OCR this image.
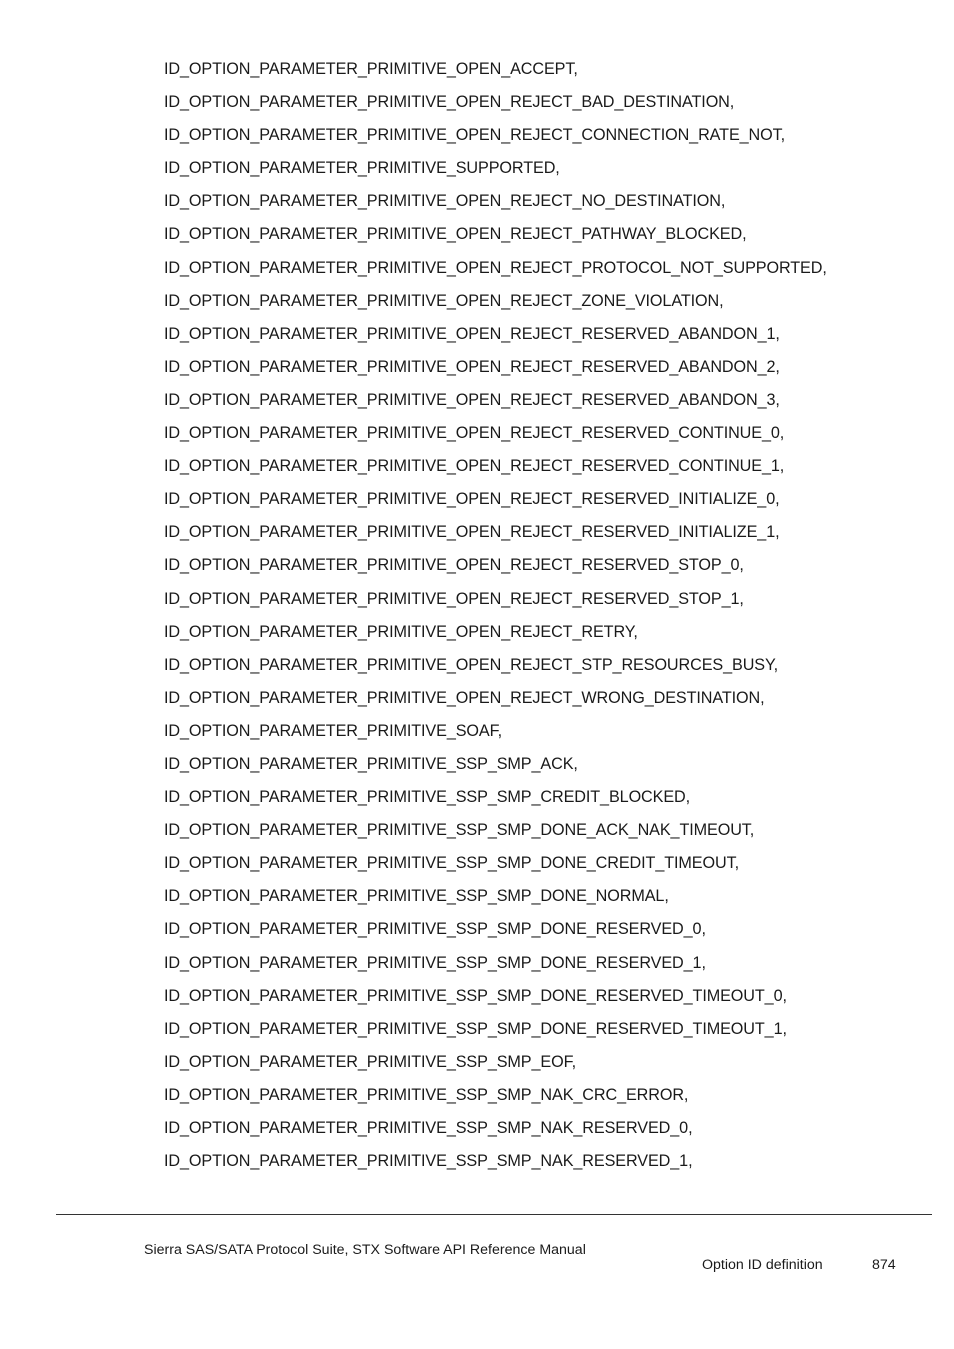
ID_OPTION_PARAMETER_PRIMITIVE_OPEN_ACCEPT,
ID_OPTION_PARAMETER_PRIMITIVE_OPEN_REJECT_BAD_DESTINATION,
ID_OPTION_PARAMETER_PRIMITIVE_OPEN_REJECT_CONNECTION_RATE_NOT,
ID_OPTION_PARAMETER_PRIMITIVE_SUPPORTED,
ID_OPTION_PARAMETER_PRIMITIVE_OPEN_REJECT_NO_DESTINATION,
ID_OPTION_PARAMETER_PRIMITIVE_OPEN_REJECT_PATHWAY_BLOCKED,
ID_OPTION_PARAMETER_PRIMITIVE_OPEN_REJECT_PROTOCOL_NOT_SUPPORTED,
ID_OPTION_PARAMETER_PRIMITIVE_OPEN_REJECT_ZONE_VIOLATION,
ID_OPTION_PARAMETER_PRIMITIVE_OPEN_REJECT_RESERVED_ABANDON_1,
ID_OPTION_PARAMETER_PRIMITIVE_OPEN_REJECT_RESERVED_ABANDON_2,
ID_OPTION_PARAMETER_PRIMITIVE_OPEN_REJECT_RESERVED_ABANDON_3,
ID_OPTION_PARAMETER_PRIMITIVE_OPEN_REJECT_RESERVED_CONTINUE_0,
ID_OPTION_PARAMETER_PRIMITIVE_OPEN_REJECT_RESERVED_CONTINUE_1,
ID_OPTION_PARAMETER_PRIMITIVE_OPEN_REJECT_RESERVED_INITIALIZE_0,
ID_OPTION_PARAMETER_PRIMITIVE_OPEN_REJECT_RESERVED_INITIALIZE_1,
ID_OPTION_PARAMETER_PRIMITIVE_OPEN_REJECT_RESERVED_STOP_0,
ID_OPTION_PARAMETER_PRIMITIVE_OPEN_REJECT_RESERVED_STOP_1,
ID_OPTION_PARAMETER_PRIMITIVE_OPEN_REJECT_RETRY,
ID_OPTION_PARAMETER_PRIMITIVE_OPEN_REJECT_STP_RESOURCES_BUSY,
ID_OPTION_PARAMETER_PRIMITIVE_OPEN_REJECT_WRONG_DESTINATION,
ID_OPTION_PARAMETER_PRIMITIVE_SOAF,
ID_OPTION_PARAMETER_PRIMITIVE_SSP_SMP_ACK,
ID_OPTION_PARAMETER_PRIMITIVE_SSP_SMP_CREDIT_BLOCKED,
ID_OPTION_PARAMETER_PRIMITIVE_SSP_SMP_DONE_ACK_NAK_TIMEOUT,
ID_OPTION_PARAMETER_PRIMITIVE_SSP_SMP_DONE_CREDIT_TIMEOUT,
ID_OPTION_PARAMETER_PRIMITIVE_SSP_SMP_DONE_NORMAL,
ID_OPTION_PARAMETER_PRIMITIVE_SSP_SMP_DONE_RESERVED_0,
ID_OPTION_PARAMETER_PRIMITIVE_SSP_SMP_DONE_RESERVED_1,
ID_OPTION_PARAMETER_PRIMITIVE_SSP_SMP_DONE_RESERVED_TIMEOUT_0,
ID_OPTION_PARAMETER_PRIMITIVE_SSP_SMP_DONE_RESERVED_TIMEOUT_1,
ID_OPTION_PARAMETER_PRIMITIVE_SSP_SMP_EOF,
ID_OPTION_PARAMETER_PRIMITIVE_SSP_SMP_NAK_CRC_ERROR,
ID_OPTION_PARAMETER_PRIMITIVE_SSP_SMP_NAK_RESERVED_0,
ID_OPTION_PARAMETER_PRIMITIVE_SSP_SMP_NAK_RESERVED_1,
Sierra SAS/SATA Protocol Suite, STX Software API Reference Manual
Option ID definition	874
